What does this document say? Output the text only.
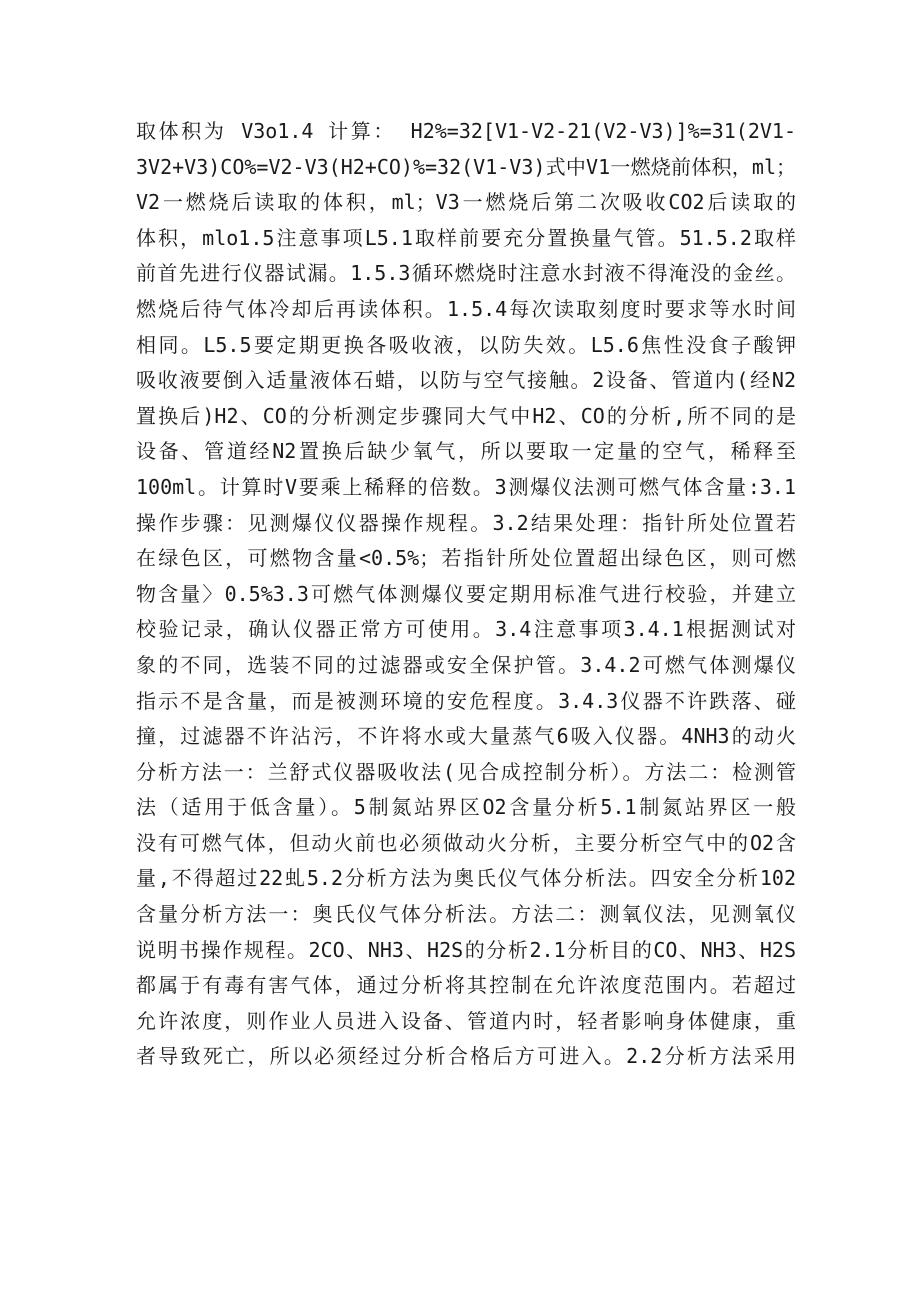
取体积为 V3o1.4 计算： H2%=32[V1-V2-21(V2-V3)]%=31(2V1-
3V2+V3)CO%=V2-V3(H2+CO)%=32(V1-V3)式中V1一燃烧前体积，ml；
V2一燃烧后读取的体积，ml；V3一燃烧后第二次吸收CO2后读取的
体积，mlo1.5注意事项L5.1取样前要充分置换量气管。51.5.2取样
前首先进行仪器试漏。1.5.3循环燃烧时注意水封液不得淹没的金丝。
燃烧后待气体冷却后再读体积。1.5.4每次读取刻度时要求等水时间
相同。L5.5要定期更换各吸收液，以防失效。L5.6焦性没食子酸钾
吸收液要倒入适量液体石蜡，以防与空气接触。2设备、管道内(经N2
置换后)H2、CO的分析测定步骤同大气中H2、CO的分析,所不同的是
设备、管道经N2置换后缺少氧气，所以要取一定量的空气，稀释至
100ml。计算时V要乘上稀释的倍数。3测爆仪法测可燃气体含量:3.1
操作步骤：见测爆仪仪器操作规程。3.2结果处理：指针所处位置若
在绿色区，可燃物含量<0.5%；若指针所处位置超出绿色区，则可燃
物含量〉0.5%3.3可燃气体测爆仪要定期用标准气进行校验，并建立
校验记录，确认仪器正常方可使用。3.4注意事项3.4.1根据测试对
象的不同，选装不同的过滤器或安全保护管。3.4.2可燃气体测爆仪
指示不是含量，而是被测环境的安危程度。3.4.3仪器不许跌落、碰
撞，过滤器不许沾污，不许将水或大量蒸气6吸入仪器。4NH3的动火
分析方法一：兰舒式仪器吸收法(见合成控制分析）。方法二：检测管
法（适用于低含量）。5制氮站界区O2含量分析5.1制氮站界区一般
没有可燃气体，但动火前也必须做动火分析，主要分析空气中的O2含
量,不得超过22虬5.2分析方法为奥氏仪气体分析法。四安全分析102
含量分析方法一：奥氏仪气体分析法。方法二：测氧仪法，见测氧仪
说明书操作规程。2CO、NH3、H2S的分析2.1分析目的CO、NH3、H2S
都属于有毒有害气体，通过分析将其控制在允许浓度范围内。若超过
允许浓度，则作业人员进入设备、管道内时，轻者影响身体健康，重
者导致死亡，所以必须经过分析合格后方可进入。2.2分析方法采用
